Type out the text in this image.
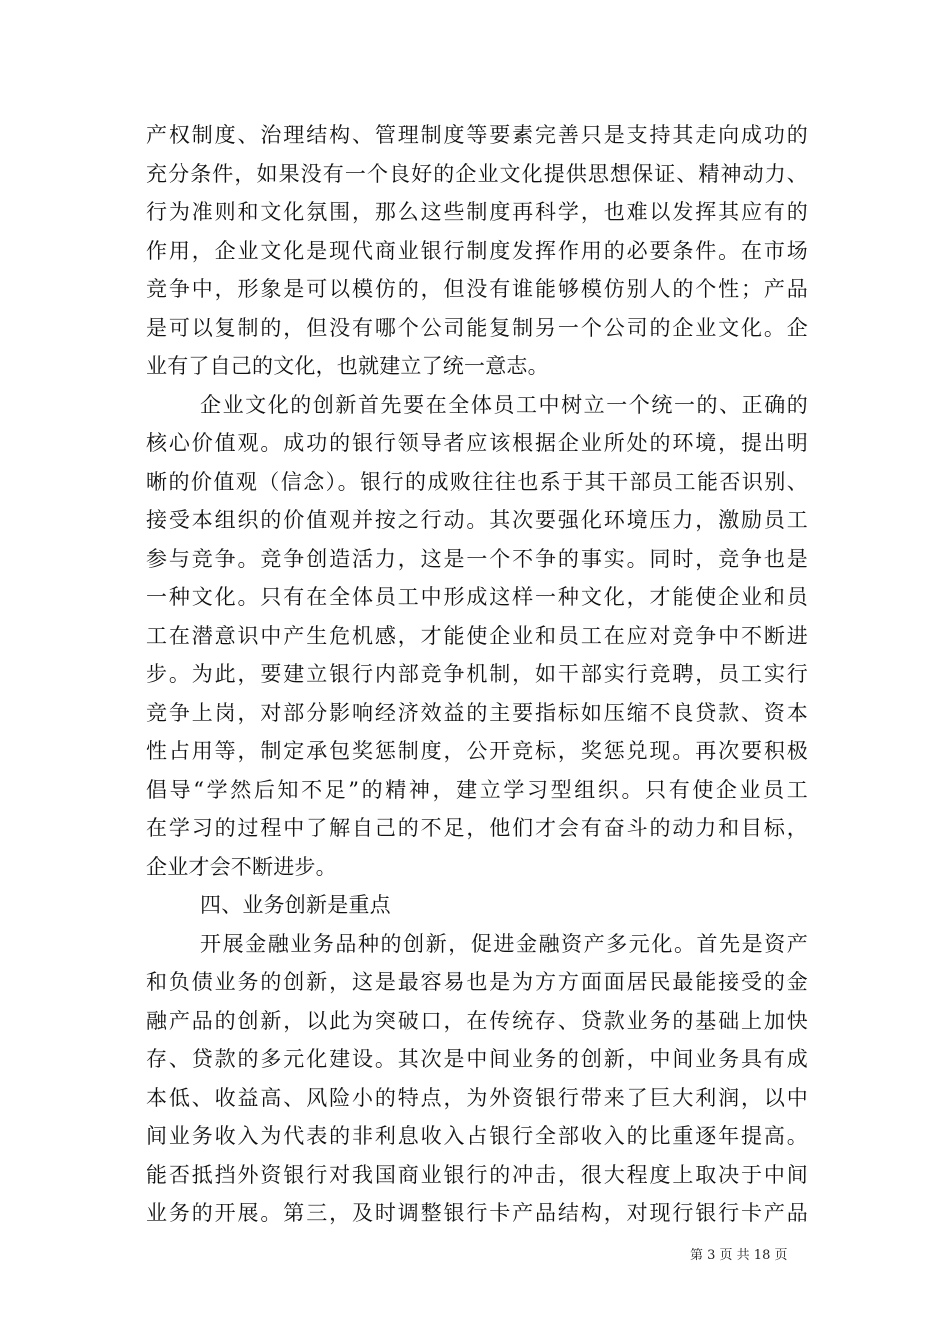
产权制度、治理结构、管理制度等要素完善只是支持其走向成功的
充分条件，如果没有一个良好的企业文化提供思想保证、精神动力、
行为准则和文化氛围，那么这些制度再科学，也难以发挥其应有的
作用，企业文化是现代商业银行制度发挥作用的必要条件。在市场
竞争中，形象是可以模仿的，但没有谁能够模仿别人的个性；产品
是可以复制的，但没有哪个公司能复制另一个公司的企业文化。企
业有了自己的文化，也就建立了统一意志。
企业文化的创新首先要在全体员工中树立一个统一的、正确的
核心价值观。成功的银行领导者应该根据企业所处的环境，提出明
晰的价值观（信念）。银行的成败往往也系于其干部员工能否识别、
接受本组织的价值观并按之行动。其次要强化环境压力，激励员工
参与竞争。竞争创造活力，这是一个不争的事实。同时，竞争也是
一种文化。只有在全体员工中形成这样一种文化，才能使企业和员
工在潜意识中产生危机感，才能使企业和员工在应对竞争中不断进
步。为此，要建立银行内部竞争机制，如干部实行竞聘，员工实行
竞争上岗，对部分影响经济效益的主要指标如压缩不良贷款、资本
性占用等，制定承包奖惩制度，公开竞标，奖惩兑现。再次要积极
倡导“学然后知不足”的精神，建立学习型组织。只有使企业员工
在学习的过程中了解自己的不足，他们才会有奋斗的动力和目标，
企业才会不断进步。
四、业务创新是重点
开展金融业务品种的创新，促进金融资产多元化。首先是资产
和负债业务的创新，这是最容易也是为方方面面居民最能接受的金
融产品的创新，以此为突破口，在传统存、贷款业务的基础上加快
存、贷款的多元化建设。其次是中间业务的创新，中间业务具有成
本低、收益高、风险小的特点，为外资银行带来了巨大利润，以中
间业务收入为代表的非利息收入占银行全部收入的比重逐年提高。
能否抵挡外资银行对我国商业银行的冲击，很大程度上取决于中间
业务的开展。第三，及时调整银行卡产品结构，对现行银行卡产品
第 3 页 共 18 页
